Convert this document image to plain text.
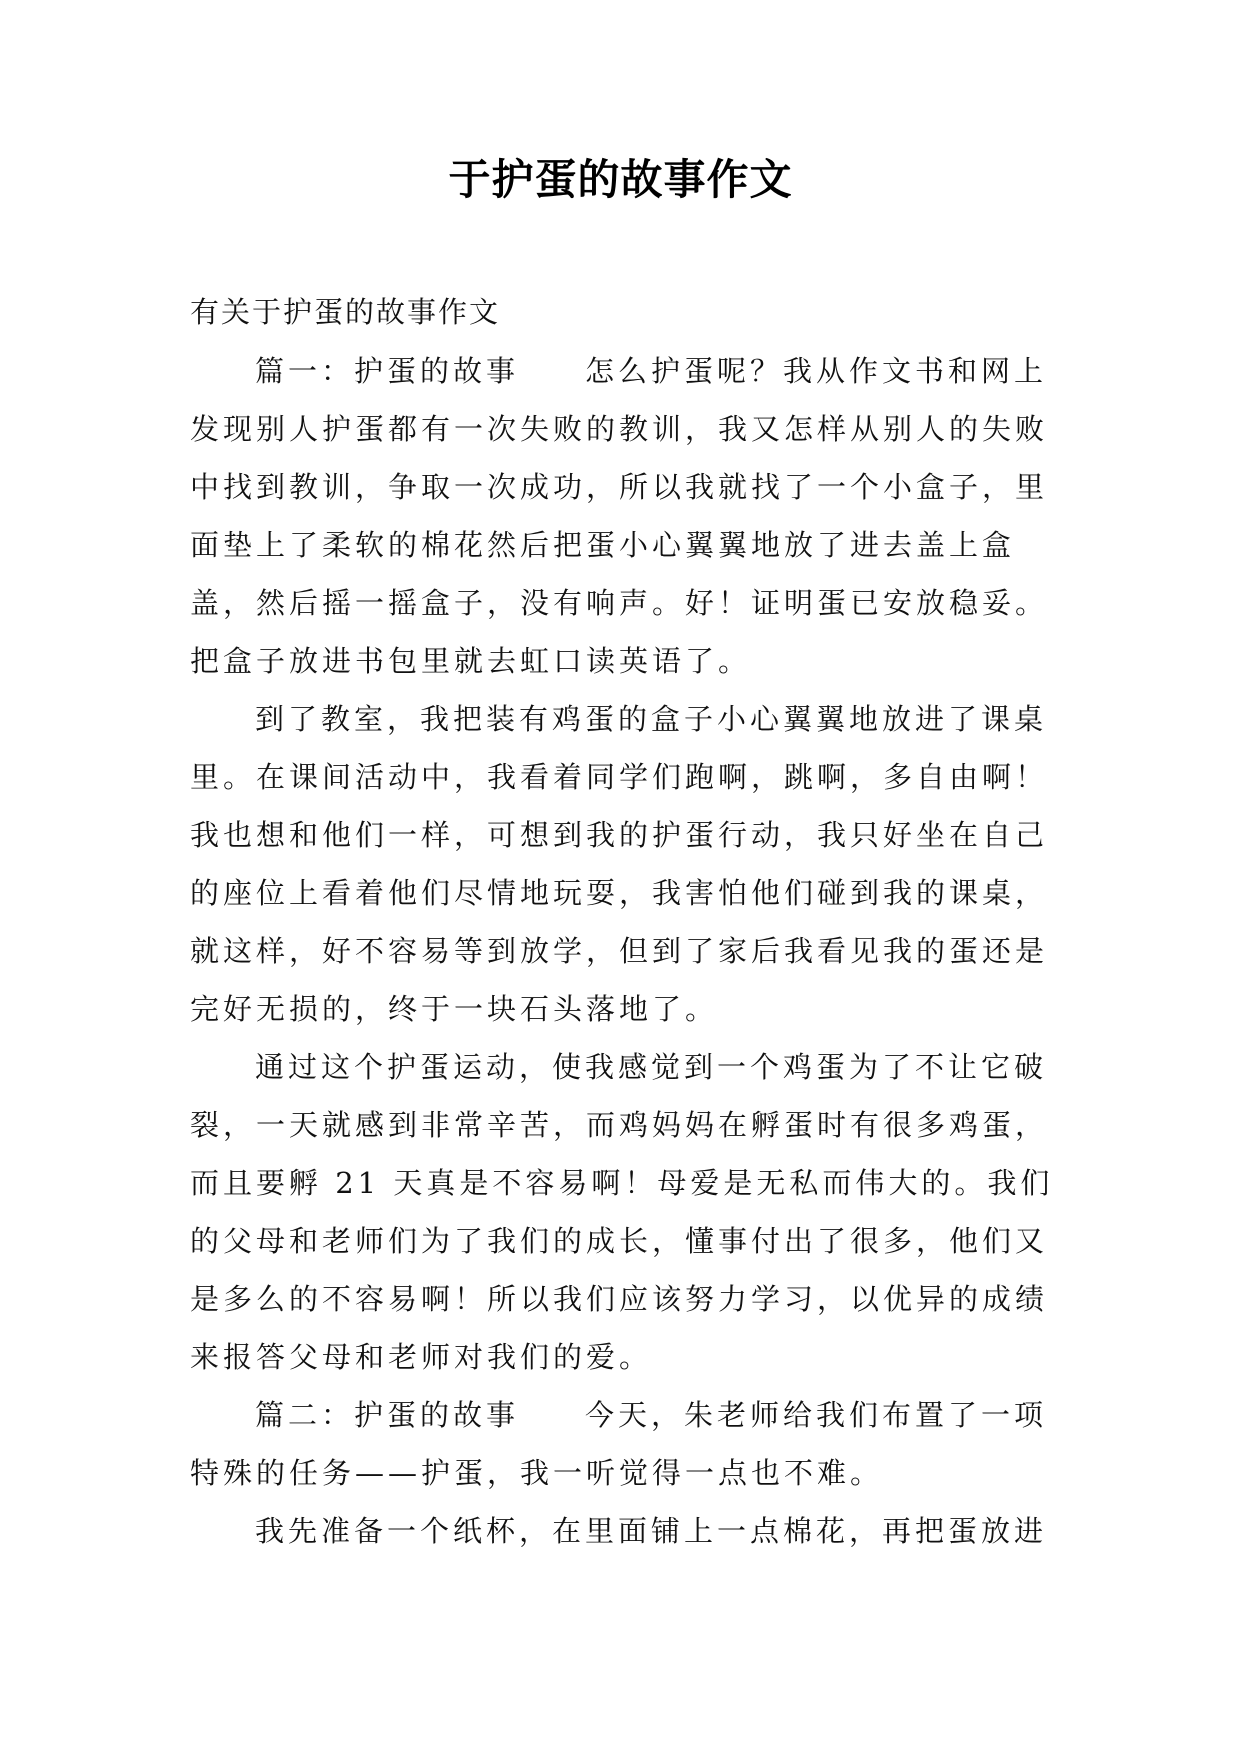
于护蛋的故事作文
有关于护蛋的故事作文
篇一：护蛋的故事　　怎么护蛋呢？我从作文书和网上
发现别人护蛋都有一次失败的教训，我又怎样从别人的失败
中找到教训，争取一次成功，所以我就找了一个小盒子，里
面垫上了柔软的棉花然后把蛋小心翼翼地放了进去盖上盒
盖，然后摇一摇盒子，没有响声。好！证明蛋已安放稳妥。
把盒子放进书包里就去虹口读英语了。
到了教室，我把装有鸡蛋的盒子小心翼翼地放进了课桌
里。在课间活动中，我看着同学们跑啊，跳啊，多自由啊！
我也想和他们一样，可想到我的护蛋行动，我只好坐在自己
的座位上看着他们尽情地玩耍，我害怕他们碰到我的课桌，
就这样，好不容易等到放学，但到了家后我看见我的蛋还是
完好无损的，终于一块石头落地了。
通过这个护蛋运动，使我感觉到一个鸡蛋为了不让它破
裂，一天就感到非常辛苦，而鸡妈妈在孵蛋时有很多鸡蛋，
而且要孵 21 天真是不容易啊！母爱是无私而伟大的。我们
的父母和老师们为了我们的成长，懂事付出了很多，他们又
是多么的不容易啊！所以我们应该努力学习，以优异的成绩
来报答父母和老师对我们的爱。
篇二：护蛋的故事　　今天，朱老师给我们布置了一项
特殊的任务——护蛋，我一听觉得一点也不难。
我先准备一个纸杯，在里面铺上一点棉花，再把蛋放进
